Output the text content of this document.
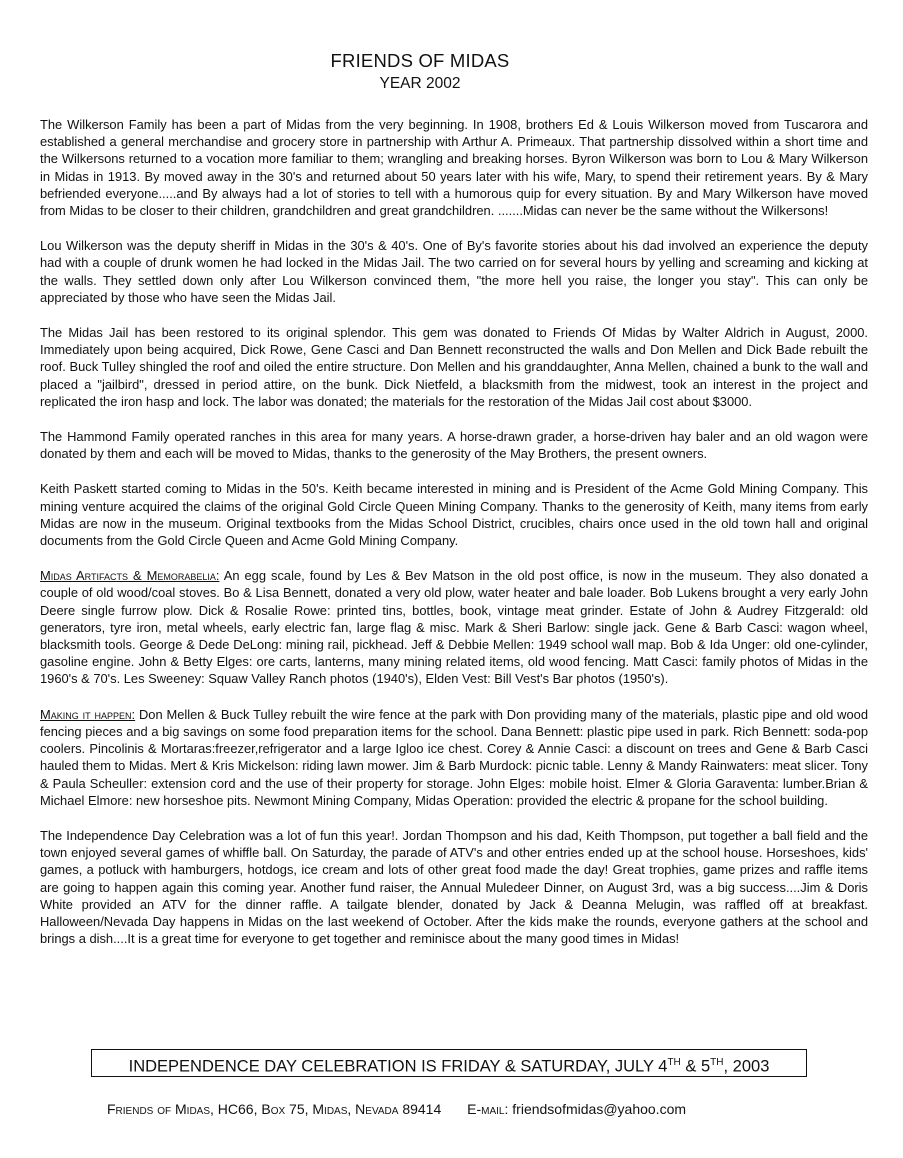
FRIENDS OF MIDAS
YEAR 2002

The Wilkerson Family has been a part of Midas from the very beginning. In 1908, brothers Ed & Louis Wilkerson moved from Tuscarora and established a general merchandise and grocery store in partnership with Arthur A. Primeaux. That partnership dissolved within a short time and the Wilkersons returned to a vocation more familiar to them; wrangling and breaking horses. Byron Wilkerson was born to Lou & Mary Wilkerson in Midas in 1913. By moved away in the 30's and returned about 50 years later with his wife, Mary, to spend their retirement years. By & Mary befriended everyone.....and By always had a lot of stories to tell with a humorous quip for every situation. By and Mary Wilkerson have moved from Midas to be closer to their children, grandchildren and great grandchildren. .......Midas can never be the same without the Wilkersons!

Lou Wilkerson was the deputy sheriff in Midas in the 30's & 40's. One of By's favorite stories about his dad involved an experience the deputy had with a couple of drunk women he had locked in the Midas Jail. The two carried on for several hours by yelling and screaming and kicking at the walls. They settled down only after Lou Wilkerson convinced them, "the more hell you raise, the longer you stay". This can only be appreciated by those who have seen the Midas Jail.

The Midas Jail has been restored to its original splendor. This gem was donated to Friends Of Midas by Walter Aldrich in August, 2000. Immediately upon being acquired, Dick Rowe, Gene Casci and Dan Bennett reconstructed the walls and Don Mellen and Dick Bade rebuilt the roof. Buck Tulley shingled the roof and oiled the entire structure. Don Mellen and his granddaughter, Anna Mellen, chained a bunk to the wall and placed a "jailbird", dressed in period attire, on the bunk. Dick Nietfeld, a blacksmith from the midwest, took an interest in the project and replicated the iron hasp and lock. The labor was donated; the materials for the restoration of the Midas Jail cost about $3000.

The Hammond Family operated ranches in this area for many years. A horse-drawn grader, a horse-driven hay baler and an old wagon were donated by them and each will be moved to Midas, thanks to the generosity of the May Brothers, the present owners.

Keith Paskett started coming to Midas in the 50's. Keith became interested in mining and is President of the Acme Gold Mining Company. This mining venture acquired the claims of the original Gold Circle Queen Mining Company. Thanks to the generosity of Keith, many items from early Midas are now in the museum. Original textbooks from the Midas School District, crucibles, chairs once used in the old town hall and original documents from the Gold Circle Queen and Acme Gold Mining Company.

Midas Artifacts & Memorabelia: An egg scale, found by Les & Bev Matson in the old post office, is now in the museum. They also donated a couple of old wood/coal stoves. Bo & Lisa Bennett, donated a very old plow, water heater and bale loader. Bob Lukens brought a very early John Deere single furrow plow. Dick & Rosalie Rowe: printed tins, bottles, book, vintage meat grinder. Estate of John & Audrey Fitzgerald: old generators, tyre iron, metal wheels, early electric fan, large flag & misc. Mark & Sheri Barlow: single jack. Gene & Barb Casci: wagon wheel, blacksmith tools. George & Dede DeLong: mining rail, pickhead. Jeff & Debbie Mellen: 1949 school wall map. Bob & Ida Unger: old one-cylinder, gasoline engine. John & Betty Elges: ore carts, lanterns, many mining related items, old wood fencing. Matt Casci: family photos of Midas in the 1960's & 70's. Les Sweeney: Squaw Valley Ranch photos (1940's), Elden Vest: Bill Vest's Bar photos (1950's).

Making it happen: Don Mellen & Buck Tulley rebuilt the wire fence at the park with Don providing many of the materials, plastic pipe and old wood fencing pieces and a big savings on some food preparation items for the school. Dana Bennett: plastic pipe used in park. Rich Bennett: soda-pop coolers. Pincolinis & Mortaras:freezer,refrigerator and a large Igloo ice chest. Corey & Annie Casci: a discount on trees and Gene & Barb Casci hauled them to Midas. Mert & Kris Mickelson: riding lawn mower. Jim & Barb Murdock: picnic table. Lenny & Mandy Rainwaters: meat slicer. Tony & Paula Scheuller: extension cord and the use of their property for storage. John Elges: mobile hoist. Elmer & Gloria Garaventa: lumber.Brian & Michael Elmore: new horseshoe pits. Newmont Mining Company, Midas Operation: provided the electric & propane for the school building.

The Independence Day Celebration was a lot of fun this year!. Jordan Thompson and his dad, Keith Thompson, put together a ball field and the town enjoyed several games of whiffle ball. On Saturday, the parade of ATV's and other entries ended up at the school house. Horseshoes, kids' games, a potluck with hamburgers, hotdogs, ice cream and lots of other great food made the day! Great trophies, game prizes and raffle items are going to happen again this coming year. Another fund raiser, the Annual Muledeer Dinner, on August 3rd, was a big success....Jim & Doris White provided an ATV for the dinner raffle. A tailgate blender, donated by Jack & Deanna Melugin, was raffled off at breakfast. Halloween/Nevada Day happens in Midas on the last weekend of October. After the kids make the rounds, everyone gathers at the school and brings a dish....It is a great time for everyone to get together and reminisce about the many good times in Midas!

INDEPENDENCE DAY CELEBRATION IS FRIDAY & SATURDAY, JULY 4TH & 5TH, 2003
Friends of Midas, HC66, Box 75, Midas, Nevada 89414 E-mail: friendsofmidas@yahoo.com
